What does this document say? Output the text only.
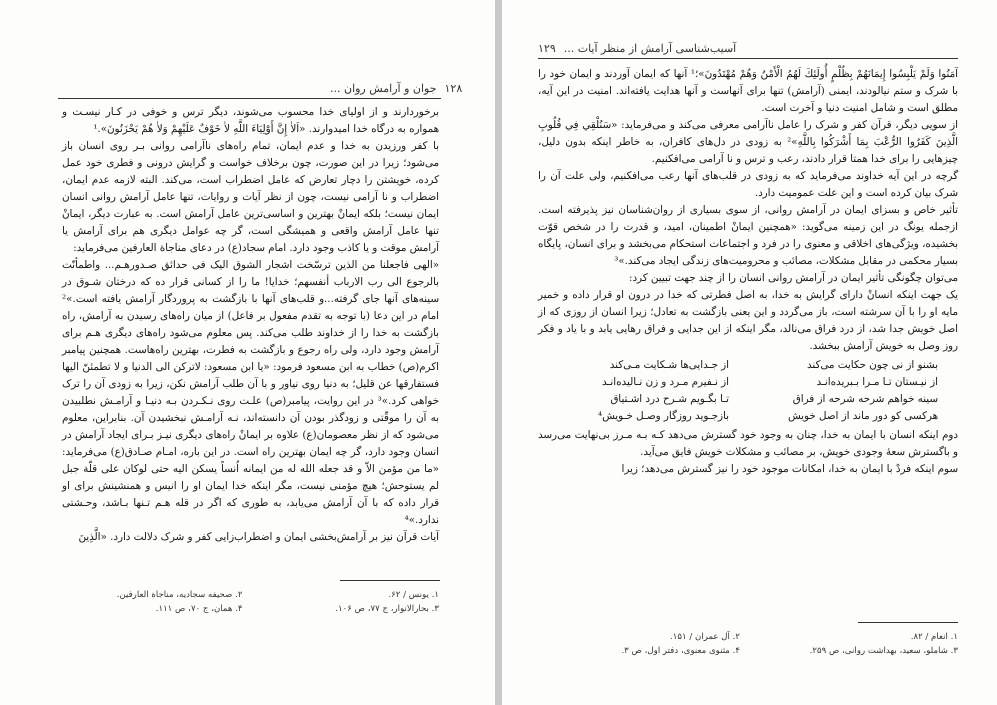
۱۲۸
جوان و آرامش روان ...

برخوردارند و از اولیای خدا محسوب می‌شوند، دیگر ترس و خوفی در کـار نیسـت و همواره به درگاه خدا امیدوارند. «اَلاٰ إِنَّ أَوْلِيَاءَ اللَّهِ لاٰ خَوْفٌ عَلَيْهِمْ وَلاٰ هُمْ يَحْزَنُونَ».¹

با کفر ورزیدن به خدا و عدم ایمان، تمام راه‌های ناآرامی روانی بـر روی انسان باز می‌شود؛ زیرا در این صورت، چون برخلاف خواست و گرایش درونی و فطری خود عمل کرده، خویشتن را دچار تعارض که عامل اضطراب است، می‌کند. البته لازمه عدم ایمان، اضطراب و نا آرامی نیست، چون از نظر آیات و روایات، تنها عامل آرامش روانی انسان ایمان نیست؛ بلکه ایمانْ بهترین و اساسی‌ترین عامل آرامش است. به عبارت دیگر، ایمانْ تنها عامل آرامش واقعی و همیشگی است، گر چه عوامل دیگری هم برای آرامش یا آرامش موقت و یا کاذب وجود دارد. امام سجاد(ع) در دعای مناجاة العارفین می‌فرماید:

«الهی فاجعلنا من الذین ترسّخت اشجار الشوق الیک فی حدائق صـدورهـم... واطمأنّت بالرجوع الی رب الارباب أنفسهم؛ خدایا! ما را از کسانی قرار ده که درختان شـوق در سینه‌های آنها جای گرفته...و قلب‌های آنها با بازگشت به پروردگار آرامش یافته است.»² امام در این دعا (با توجه به تقدم مفعول بر فاعل) از میان راه‌های رسیدن به آرامش، راه بازگشت به خدا را از خداوند طلب می‌کند. پس معلوم می‌شود راه‌های دیگری هـم برای آرامش وجود دارد، ولی راه رجوع و بازگشت به فطرت، بهترین راه‌هاست. همچنین پیامبر اکرم(ص) خطاب به ابن مسعود فرمود: «یا ابن مسعود: لاترکن الی الدنیا و لا تطمئنّ الیها فستفارقها عن قلیل؛ به دنیا روی نیاور و با آن طلب آرامش نکن، زیرا به زودی آن را ترک خواهی کرد.»³ در این روایت، پیامبر(ص) علـت روی نـکـردن بـه دنیـا و آرامـش نطلبیدن به آن را موقّتی و زودگذر بودن آن دانسته‌اند، نـه آرامـش نبخشیدن آن. بنابراین، معلوم می‌شود که از نظر معصومان(ع) علاوه بر ایمانْ راه‌های دیگری نیـز بـرای ایجاد آرامش در انسان وجود دارد، گر چه ایمان بهترین راه است. در این باره، امـام صـادق(ع) می‌فرماید: «ما من مؤمن الاّ و قد جعله الله له من ایمانه اُنساً یسکن الیه حتی لوکان علی قلّة جبل لم یستوحش؛ هیچ مؤمنی نیست، مگر اینکه خدا ایمان او را انیس و همنشینش برای او قرار داده که با آن آرامش می‌یابد، به طوری که اگر در قله هـم تـنها بـاشد، وحـشتی ندارد.»⁴

آیات قرآن نیز بر آرامش‌بخشی ایمان و اضطراب‌زایی کفر و شرک دلالت دارد. «الَّذِينَ

۱. یونس / ۶۲.
۲. صحیفه سجادیه، مناجاة العارفین.
۳. بحارالانوار، ج ۷۷، ص ۱۰۶.
۴. همان، ج ۷۰، ص ۱۱۱.
آسیب‌شناسی آرامش از منظر آیات ...
۱۲۹

آمَنُوا وَلَمْ يَلْبِسُوا إِيمَانَهُمْ بِظُلْمٍ أُولَئِكَ لَهُمُ الْأَمْنُ وَهُمْ مُهْتَدُونَ»؛¹ آنها که ایمان آوردند و ایمان خود را با شرک و ستم نیالودند، ایمنی (آرامش) تنها برای آنهاست و آنها هدایت یافته‌اند. امنیت در این آیه، مطلق است و شامل امنیت دنیا و آخرت است.

از سویی دیگر، قرآن کفر و شرک را عامل ناآرامی معرفی می‌کند و می‌فرماید: «سَنُلْقِي فِي قُلُوبِ الَّذِينَ كَفَرُوا الرُّعْبَ بِمَا أَشْرَكُوا بِاللَّهِ»² به زودی در دل‌های کافران، به خاطر اینکه بدون دلیل، چیزهایی را برای خدا همتا قرار دادند، رعب و ترس و نا آرامی می‌افکنیم.

گرچه در این آیه خداوند می‌فرماید که به زودی در قلب‌های آنها رعب می‌افکنیم، ولی علت آن را شرک بیان کرده است و این علت عمومیت دارد.

تأثیر خاص و بسزای ایمان در آرامش روانی، از سوی بسیاری از روان‌شناسان نیز پذیرفته است. ازجمله یونگ در این زمینه می‌گوید: «همچنین ایمانْ اطمینان، امید، و قدرت را در شخص قوّت بخشیده، ویژگی‌های اخلاقی و معنوی را در فرد و اجتماعات استحکام می‌بخشد و برای انسان، پایگاه بسیار محکمی در مقابل مشکلات، مصائب و محرومیت‌های زندگی ایجاد می‌کند.»³

می‌توان چگونگی تأثیر ایمان در آرامش روانی انسان را از چند جهت تبیین کرد:

یک جهت اینکه انسانْ دارای گرایش به خدا، به اصل فطرتی که خدا در درون او قرار داده و خمیر مایه او را با آن سرشته است، باز می‌گردد و این یعنی بازگشت به تعادل؛ زیرا انسان از روزی که از اصل خویش جدا شد، از درد فراق می‌نالد، مگر اینکه از این جدایی و فراق رهایی یابد و با یاد و فکر روز وصل به خویش آرامش ببخشد.

بشنو از نی چون حکایت می‌کند
از جـدایی‌ها شـکایت مـی‌کند
از نیـستان تـا مـرا بـبریده‌انـد
از نـفیرم مـرد و زن نـالیده‌انـد
سینه خواهم شرحه شرحه از فراق
تـا بگـویم شـرح درد اشـتیاق
هرکسی کو دور ماند از اصل خویش
بازجـوید روزگار وصـل خـویش⁴

دوم اینکه انسان با ایمان به خدا، چنان به وجود خود گسترش می‌دهد کـه بـه مـرز بی‌نهایت می‌رسد و باگسترش سعهٔ وجودی خویش، بر مصائب و مشکلات خویش فایق می‌آید.

سوم اینکه فردْ با ایمان به خدا، امکانات موجود خود را نیز گسترش می‌دهد؛ زیرا

۱. انعام / ۸۲.
۲. آل عمران / ۱۵۱.
۳. شاملو، سعید، بهداشت روانی، ص ۲۵۹.
۴. مثنوی معنوی، دفتر اول، ص ۳.
